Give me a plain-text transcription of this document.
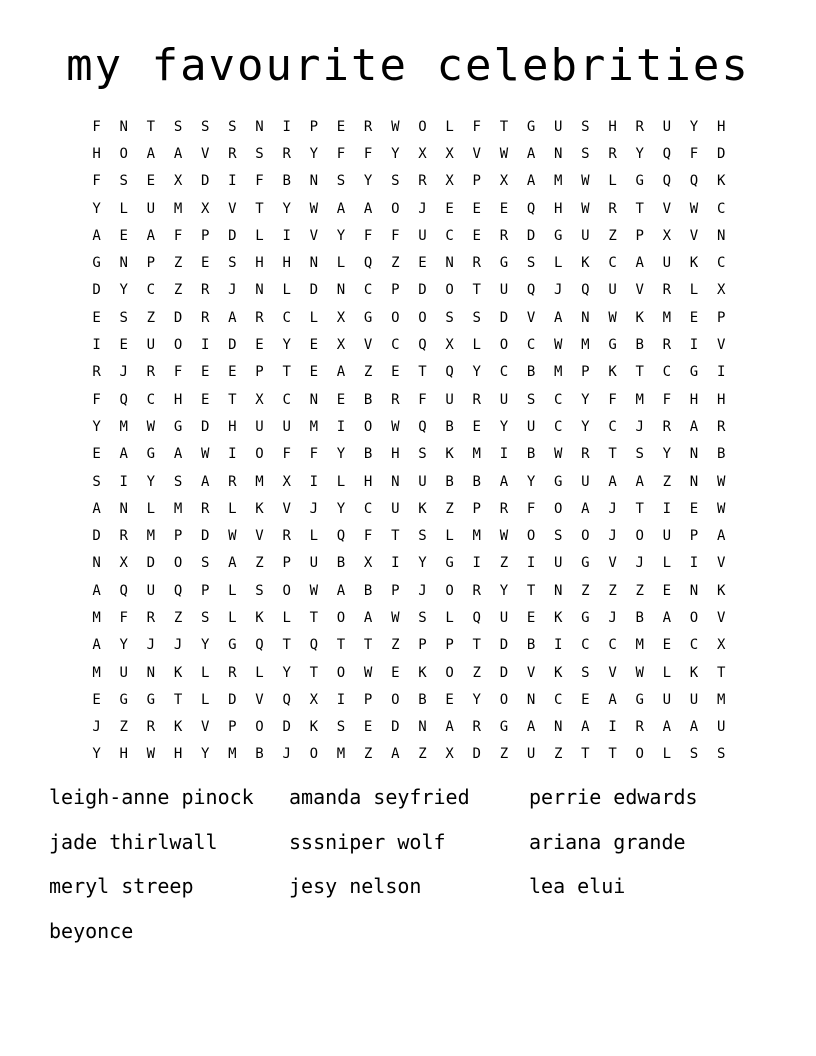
my favourite celebrities
F	N	T	S	S	S	N	I	P	E	R	W	O	L	F	T	G	U	S	H	R	U	Y	H
H	O	A	A	V	R	S	R	Y	F	F	Y	X	X	V	W	A	N	S	R	Y	Q	F	D
F	S	E	X	D	I	F	B	N	S	Y	S	R	X	P	X	A	M	W	L	G	Q	Q	K
Y	L	U	M	X	V	T	Y	W	A	A	O	J	E	E	E	Q	H	W	R	T	V	W	C
A	E	A	F	P	D	L	I	V	Y	F	F	U	C	E	R	D	G	U	Z	P	X	V	N
G	N	P	Z	E	S	H	H	N	L	Q	Z	E	N	R	G	S	L	K	C	A	U	K	C
D	Y	C	Z	R	J	N	L	D	N	C	P	D	O	T	U	Q	J	Q	U	V	R	L	X
E	S	Z	D	R	A	R	C	L	X	G	O	O	S	S	D	V	A	N	W	K	M	E	P
I	E	U	O	I	D	E	Y	E	X	V	C	Q	X	L	O	C	W	M	G	B	R	I	V
R	J	R	F	E	E	P	T	E	A	Z	E	T	Q	Y	C	B	M	P	K	T	C	G	I
F	Q	C	H	E	T	X	C	N	E	B	R	F	U	R	U	S	C	Y	F	M	F	H	H
Y	M	W	G	D	H	U	U	M	I	O	W	Q	B	E	Y	U	C	Y	C	J	R	A	R
E	A	G	A	W	I	O	F	F	Y	B	H	S	K	M	I	B	W	R	T	S	Y	N	B
S	I	Y	S	A	R	M	X	I	L	H	N	U	B	B	A	Y	G	U	A	A	Z	N	W
A	N	L	M	R	L	K	V	J	Y	C	U	K	Z	P	R	F	O	A	J	T	I	E	W
D	R	M	P	D	W	V	R	L	Q	F	T	S	L	M	W	O	S	O	J	O	U	P	A
N	X	D	O	S	A	Z	P	U	B	X	I	Y	G	I	Z	I	U	G	V	J	L	I	V
A	Q	U	Q	P	L	S	O	W	A	B	P	J	O	R	Y	T	N	Z	Z	Z	E	N	K
M	F	R	Z	S	L	K	L	T	O	A	W	S	L	Q	U	E	K	G	J	B	A	O	V
A	Y	J	J	Y	G	Q	T	Q	T	T	Z	P	P	T	D	B	I	C	C	M	E	C	X
M	U	N	K	L	R	L	Y	T	O	W	E	K	O	Z	D	V	K	S	V	W	L	K	T
E	G	G	T	L	D	V	Q	X	I	P	O	B	E	Y	O	N	C	E	A	G	U	U	M
J	Z	R	K	V	P	O	D	K	S	E	D	N	A	R	G	A	N	A	I	R	A	A	U
Y	H	W	H	Y	M	B	J	O	M	Z	A	Z	X	D	Z	U	Z	T	T	O	L	S	S
leigh-anne pinock	amanda seyfried	perrie edwards
jade thirlwall	sssniper wolf	ariana grande
meryl streep	jesy nelson	lea elui
beyonce
